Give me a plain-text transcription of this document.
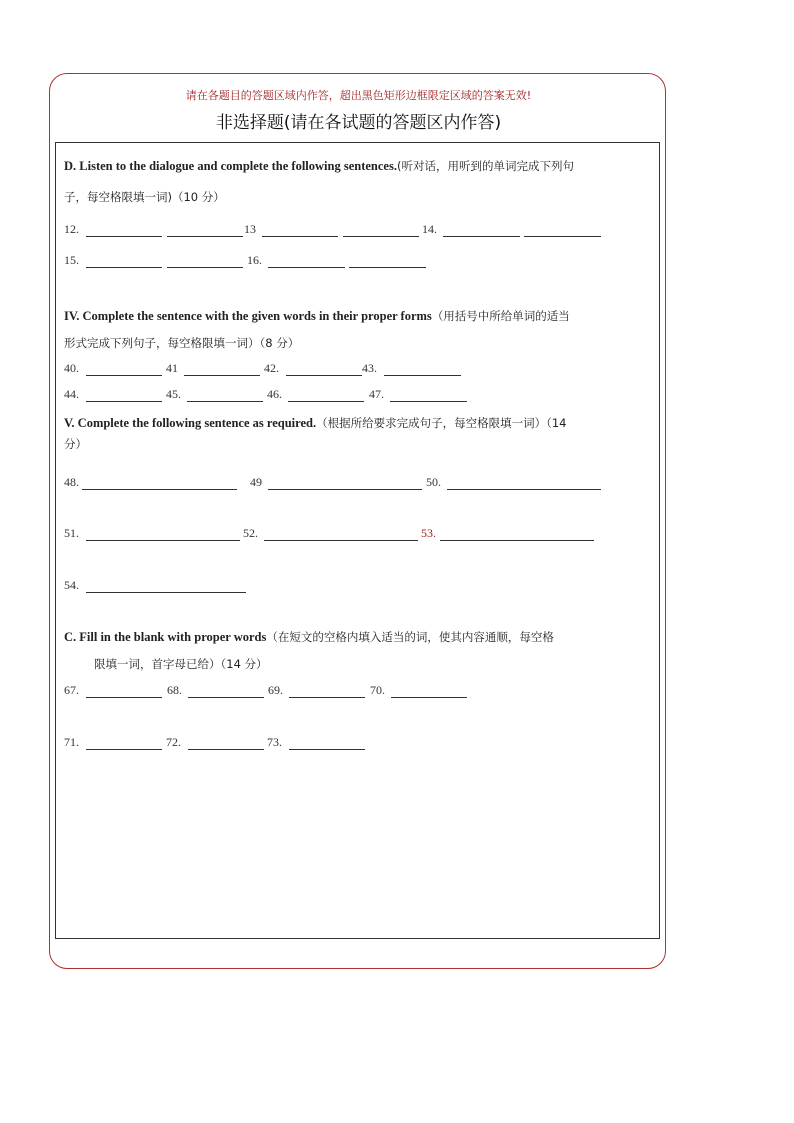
请在各题目的答题区域内作答，超出黑色矩形边框限定区域的答案无效!
非选择题(请在各试题的答题区内作答)
D. Listen to the dialogue and complete the following sentences.(听对话，用听到的单词完成下列句
子，每空格限填一词)（10 分）
12.	13	14.
15.	16.
IV. Complete the sentence with the given words in their proper forms（用括号中所给单词的适当
形式完成下列句子，每空格限填一词）（8 分）
40.	41	42.	43.
44.	45.	46.	47.
V. Complete the following sentence as required.（根据所给要求完成句子，每空格限填一词）（14
分）
48.	49	50.
51.	52.	53.
54.
C. Fill in the blank with proper words（在短文的空格内填入适当的词，使其内容通顺，每空格
限填一词，首字母已给）（14 分）
67.	68.	69.	70.
71.	72.	73.
